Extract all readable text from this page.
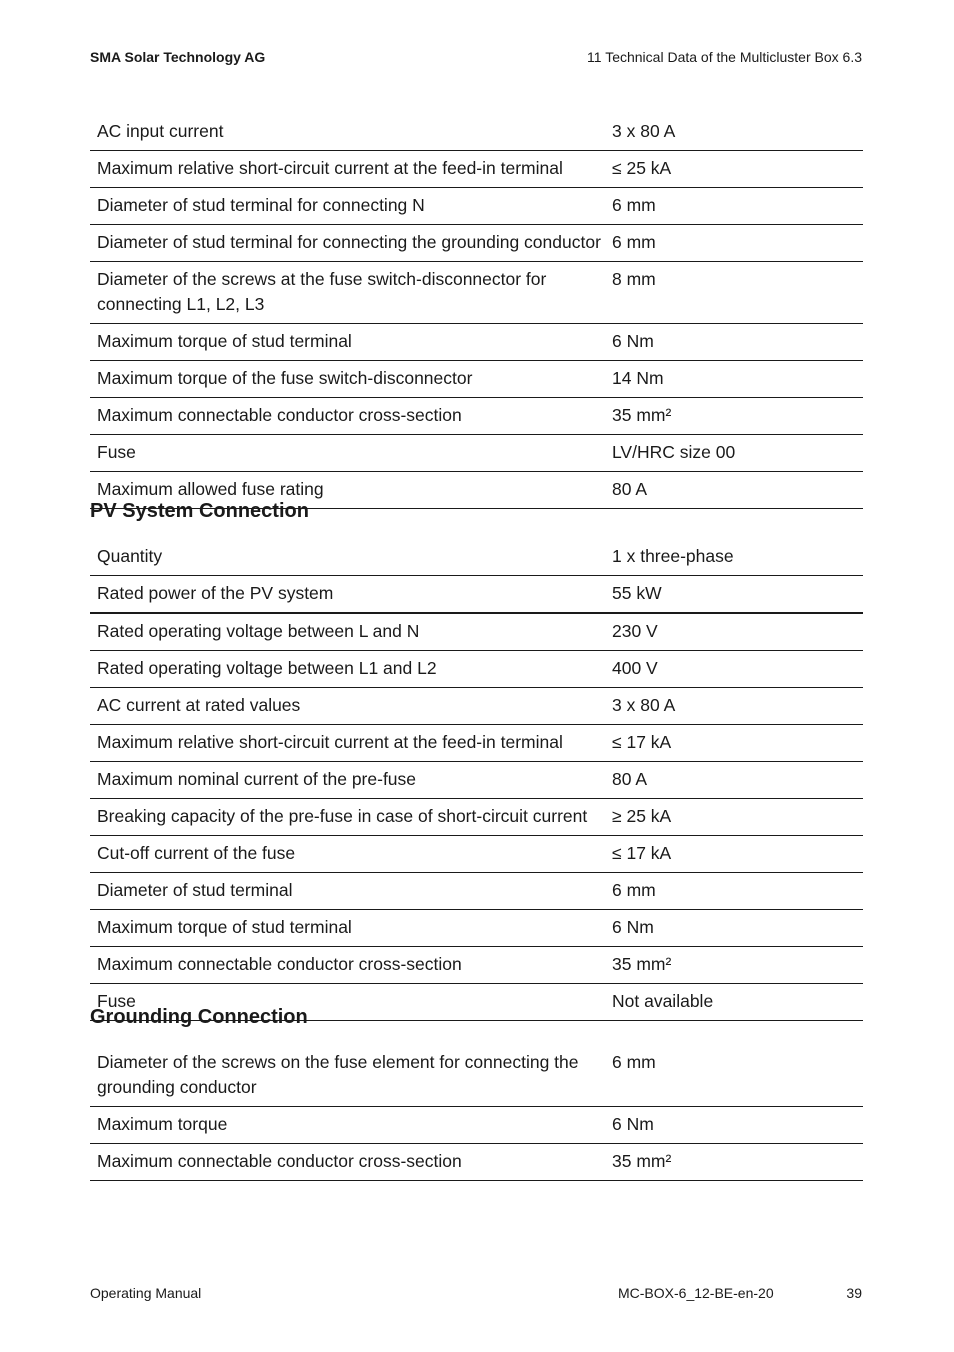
SMA Solar Technology AG	11 Technical Data of the Multicluster Box 6.3
AC input current	3 x 80 A
Maximum relative short-circuit current at the feed-in terminal	≤ 25 kA
Diameter of stud terminal for connecting N	6 mm
Diameter of stud terminal for connecting the grounding conductor	6 mm
Diameter of the screws at the fuse switch-disconnector for connecting L1, L2, L3	8 mm
Maximum torque of stud terminal	6 Nm
Maximum torque of the fuse switch-disconnector	14 Nm
Maximum connectable conductor cross-section	35 mm²
Fuse	LV/HRC size 00
Maximum allowed fuse rating	80 A
PV System Connection
Quantity	1 x three-phase
Rated power of the PV system	55 kW
Rated operating voltage between L and N	230 V
Rated operating voltage between L1 and L2	400 V
AC current at rated values	3 x 80 A
Maximum relative short-circuit current at the feed-in terminal	≤ 17 kA
Maximum nominal current of the pre-fuse	80 A
Breaking capacity of the pre-fuse in case of short-circuit current	≥ 25 kA
Cut-off current of the fuse	≤ 17 kA
Diameter of stud terminal	6 mm
Maximum torque of stud terminal	6 Nm
Maximum connectable conductor cross-section	35 mm²
Fuse	Not available
Grounding Connection
Diameter of the screws on the fuse element for connecting the grounding conductor	6 mm
Maximum torque	6 Nm
Maximum connectable conductor cross-section	35 mm²
Operating Manual	MC-BOX-6_12-BE-en-20	39
